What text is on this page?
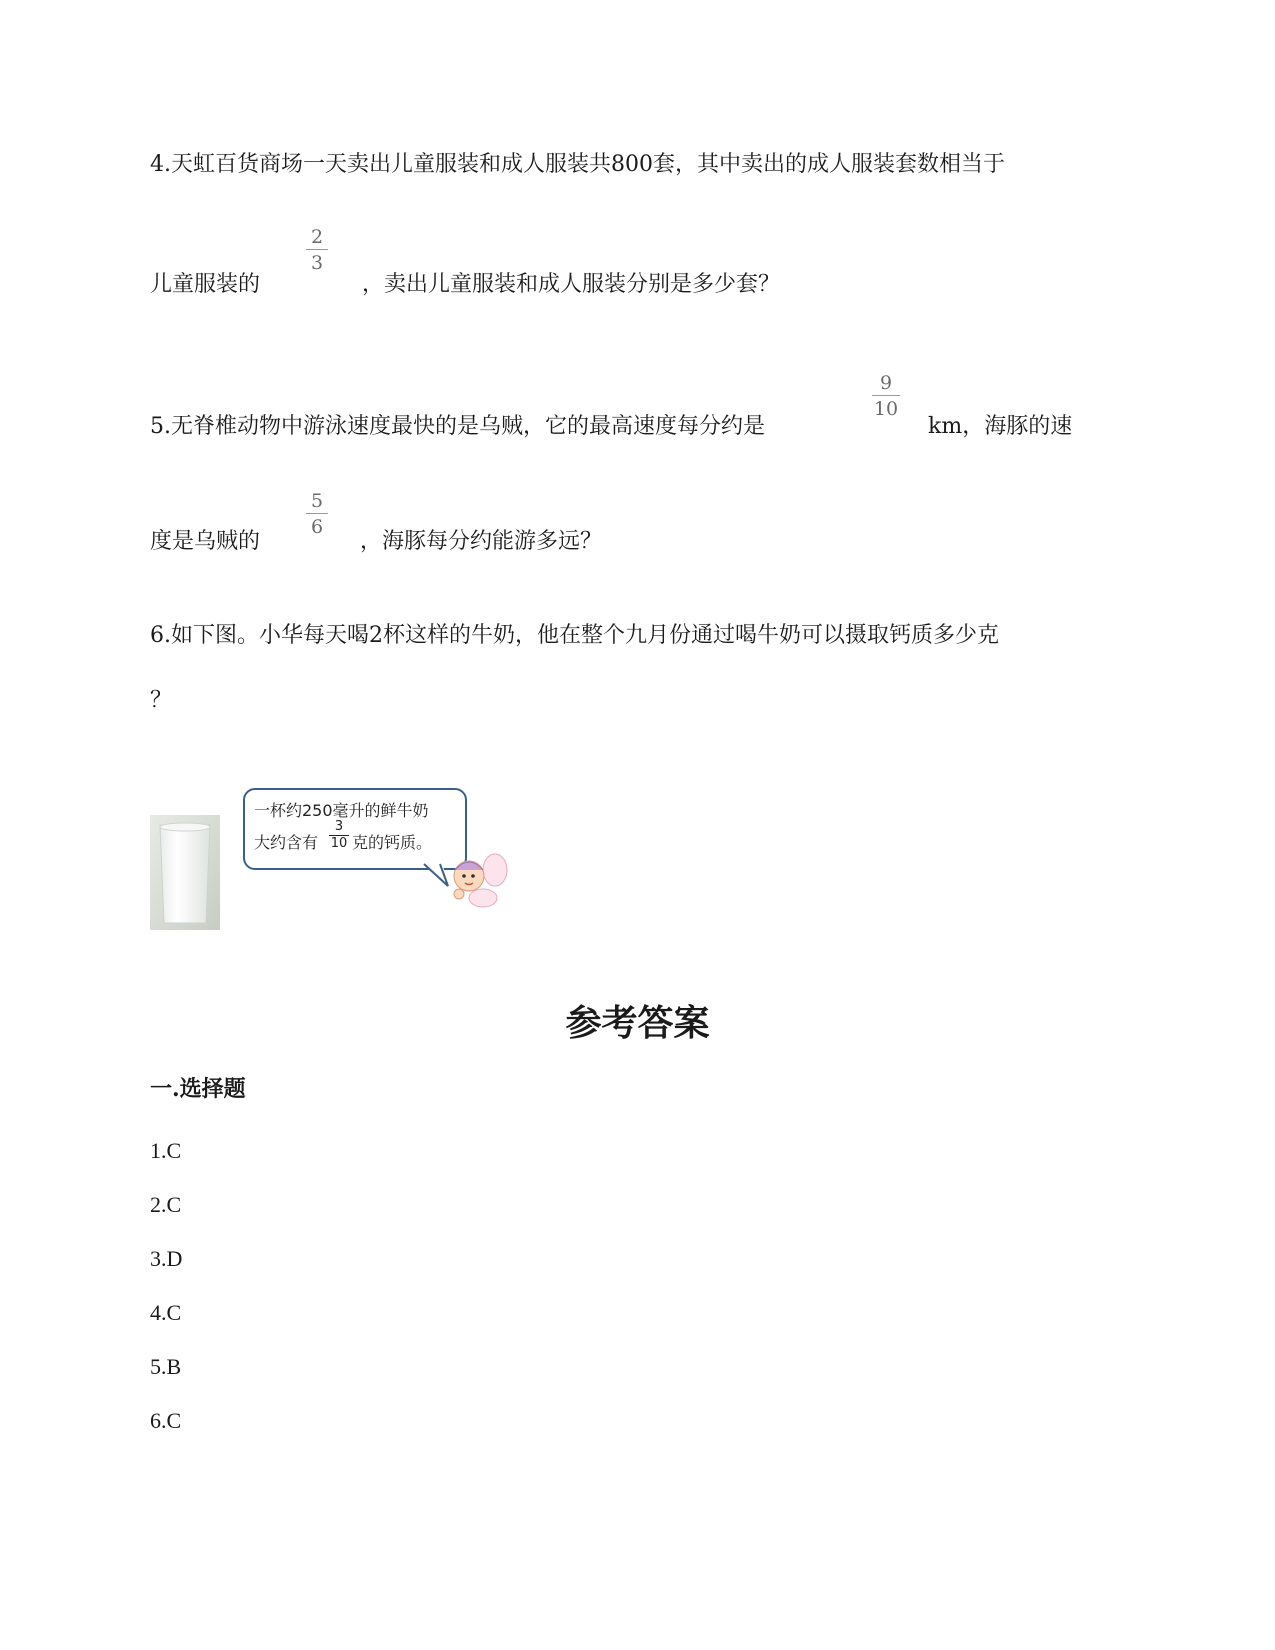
4.天虹百货商场一天卖出儿童服装和成人服装共800套，其中卖出的成人服装套数相当于
儿童服装的
2
3
，卖出儿童服装和成人服装分别是多少套？
5.无脊椎动物中游泳速度最快的是乌贼，它的最高速度每分约是
9
10
km，海豚的速
度是乌贼的
5
6
，海豚每分约能游多远？
6.如下图。小华每天喝2杯这样的牛奶，他在整个九月份通过喝牛奶可以摄取钙质多少克
？
一杯约250毫升的鲜牛奶
大约含有
3
10 克的钙质。
参考答案
一.选择题
1.C
2.C
3.D
4.C
5.B
6.C
